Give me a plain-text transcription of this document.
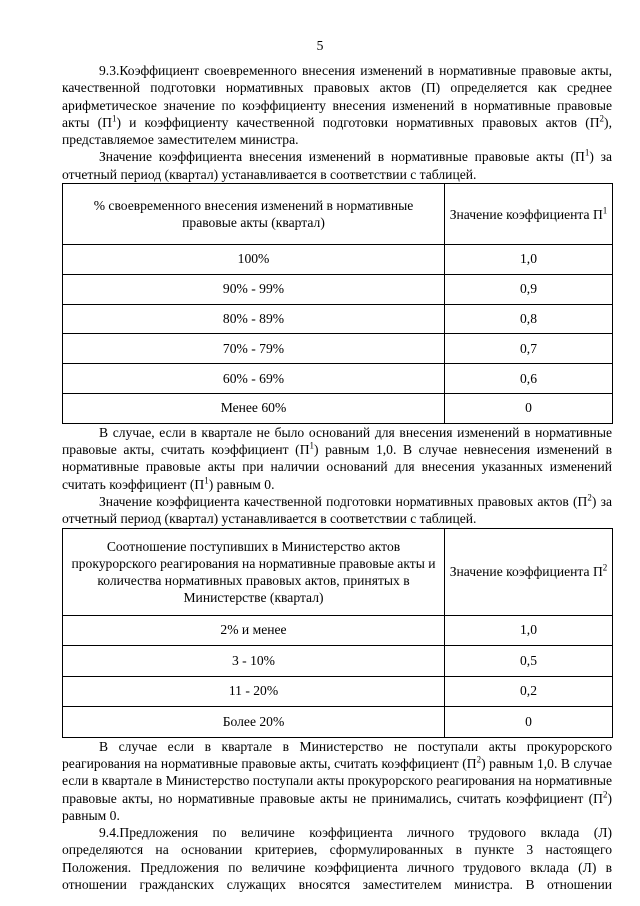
5

9.3.Коэффициент своевременного внесения изменений в нормативные правовые акты, качественной подготовки нормативных правовых актов (П) определяется как среднее арифметическое значение по коэффициенту внесения изменений в нормативные правовые акты $(П^1)$ и коэффициенту качественной подготовки нормативных правовых актов $(П^2)$, представляемое заместителем министра.

Значение коэффициента внесения изменений в нормативные правовые акты $(П^1)$ за отчетный период (квартал) устанавливается в соответствии с таблицей.

% своевременного внесения изменений в нормативные правовые акты (квартал)	Значение коэффициента $П^1$
100%	1,0
90% - 99%	0,9
80% - 89%	0,8
70% - 79%	0,7
60% - 69%	0,6
Менее 60%	0

В случае, если в квартале не было оснований для внесения изменений в нормативные правовые акты, считать коэффициент $(П^1)$ равным 1,0. В случае невнесения изменений в нормативные правовые акты при наличии оснований для внесения указанных изменений считать коэффициент $(П^1)$ равным 0.

Значение коэффициента качественной подготовки нормативных правовых актов $(П^2)$ за отчетный период (квартал) устанавливается в соответствии с таблицей.

Соотношение поступивших в Министерство актов прокурорского реагирования на нормативные правовые акты и количества нормативных правовых актов, принятых в Министерстве (квартал)	Значение коэффициента $П^2$
2% и менее	1,0
3 - 10%	0,5
11 - 20%	0,2
Более 20%	0

В случае если в квартале в Министерство не поступали акты прокурорского реагирования на нормативные правовые акты, считать коэффициент $(П^2)$ равным 1,0. В случае если в квартале в Министерство поступали акты прокурорского реагирования на нормативные правовые акты, но нормативные правовые акты не принимались, считать коэффициент $(П^2)$ равным 0.

9.4.Предложения по величине коэффициента личного трудового вклада (Л) определяются на основании критериев, сформулированных в пункте 3 настоящего Положения. Предложения по величине коэффициента личного трудового вклада (Л) в отношении гражданских служащих вносятся заместителем министра. В отношении
